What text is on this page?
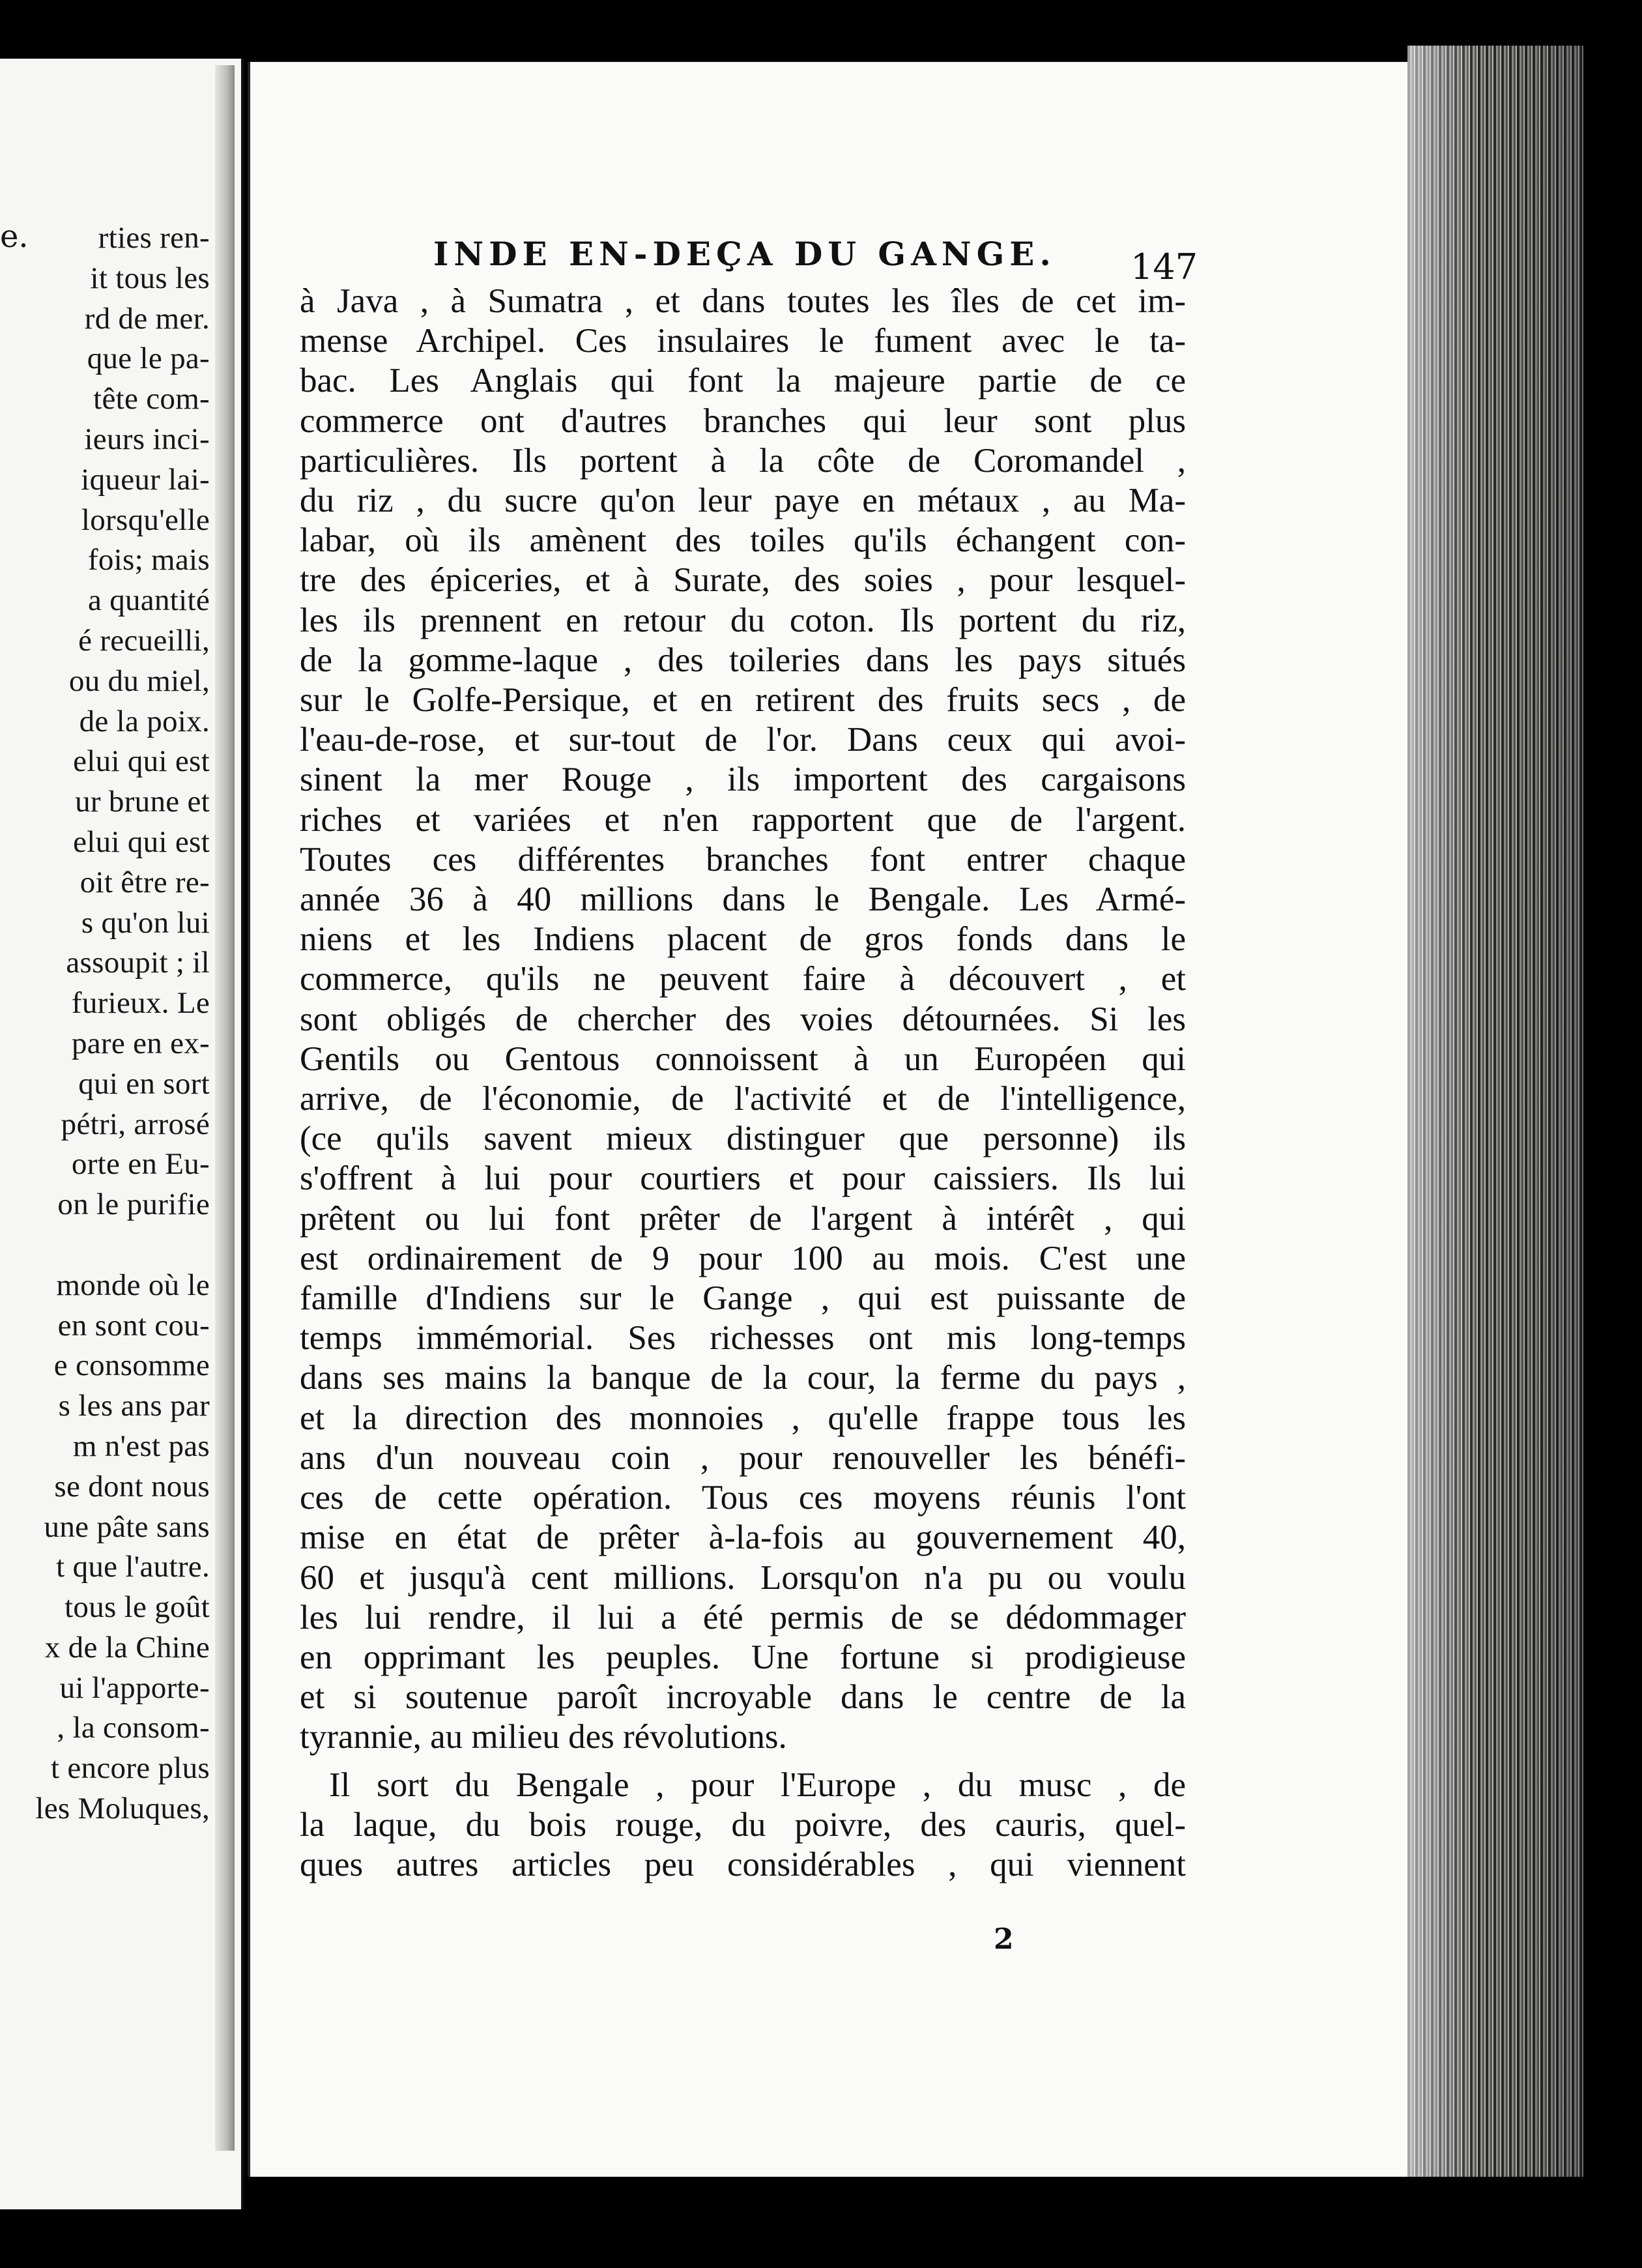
e.	rties ren-
it tous les
rd de mer.
que le pa-
tête com-
ieurs inci-
iqueur lai-
lorsqu'elle
fois; mais
a quantité
é recueilli,
ou du miel,
de la poix.
elui qui est
ur brune et
elui qui est
oit être re-
s qu'on lui
assoupit ; il
furieux. Le
pare en ex-
qui en sort
pétri, arrosé
orte en Eu-
on le purifie

monde où le
en sont cou-
e consomme
s les ans par
m n'est pas
se dont nous
une pâte sans
t que l'autre.
tous le goût
x de la Chine
ui l'apporte-
, la consom-
t encore plus
les Moluques,
INDE EN-DEÇA DU GANGE.	147
à Java , à Sumatra , et dans toutes les îles de cet im-
mense Archipel. Ces insulaires le fument avec le ta-
bac. Les Anglais qui font la majeure partie de ce
commerce ont d'autres branches qui leur sont plus
particulières. Ils portent à la côte de Coromandel ,
du riz , du sucre qu'on leur paye en métaux , au Ma-
labar, où ils amènent des toiles qu'ils échangent con-
tre des épiceries, et à Surate, des soies , pour lesquel-
les ils prennent en retour du coton. Ils portent du riz,
de la gomme-laque , des toileries dans les pays situés
sur le Golfe-Persique, et en retirent des fruits secs , de
l'eau-de-rose, et sur-tout de l'or. Dans ceux qui avoi-
sinent la mer Rouge , ils importent des cargaisons
riches et variées et n'en rapportent que de l'argent.
Toutes ces différentes branches font entrer chaque
année 36 à 40 millions dans le Bengale. Les Armé-
niens et les Indiens placent de gros fonds dans le
commerce, qu'ils ne peuvent faire à découvert , et
sont obligés de chercher des voies détournées. Si les
Gentils ou Gentous connoissent à un Européen qui
arrive, de l'économie, de l'activité et de l'intelligence,
(ce qu'ils savent mieux distinguer que personne) ils
s'offrent à lui pour courtiers et pour caissiers. Ils lui
prêtent ou lui font prêter de l'argent à intérêt , qui
est ordinairement de 9 pour 100 au mois. C'est une
famille d'Indiens sur le Gange , qui est puissante de
temps immémorial. Ses richesses ont mis long-temps
dans ses mains la banque de la cour, la ferme du pays ,
et la direction des monnoies , qu'elle frappe tous les
ans d'un nouveau coin , pour renouveller les bénéfi-
ces de cette opération. Tous ces moyens réunis l'ont
mise en état de prêter à-la-fois au gouvernement 40,
60 et jusqu'à cent millions. Lorsqu'on n'a pu ou voulu
les lui rendre, il lui a été permis de se dédommager
en opprimant les peuples. Une fortune si prodigieuse
et si soutenue paroît incroyable dans le centre de la
tyrannie, au milieu des révolutions.
Il sort du Bengale , pour l'Europe , du musc , de
la laque, du bois rouge, du poivre, des cauris, quel-
ques autres articles peu considérables , qui viennent
2
